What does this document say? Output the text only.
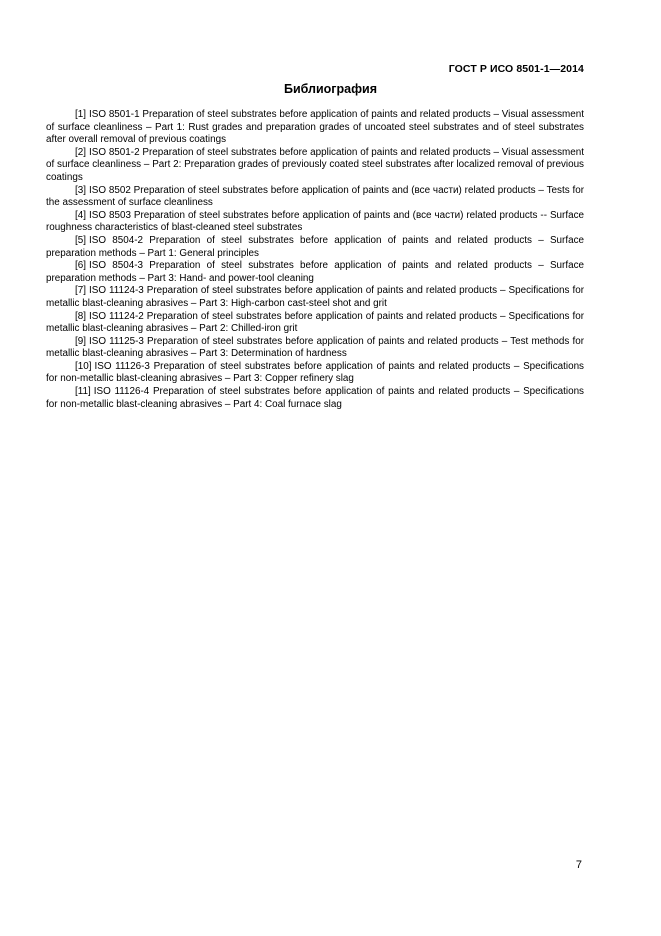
ГОСТ Р ИСО 8501-1—2014
Библиография

[1] ISO 8501-1 Preparation of steel substrates before application of paints and related products – Visual assessment of surface cleanliness – Part 1: Rust grades and preparation grades of uncoated steel substrates and of steel substrates after overall removal of previous coatings

[2] ISO 8501-2 Preparation of steel substrates before application of paints and related products – Visual assessment of surface cleanliness – Part 2: Preparation grades of previously coated steel substrates after localized removal of previous coatings

[3] ISO 8502 Preparation of steel substrates before application of paints and (все части) related products – Tests for the assessment of surface cleanliness

[4] ISO 8503 Preparation of steel substrates before application of paints and (все части) related products -- Surface roughness characteristics of blast-cleaned steel substrates

[5] ISO 8504-2 Preparation of steel substrates before application of paints and related products – Surface preparation methods – Part 1: General principles

[6] ISO 8504-3 Preparation of steel substrates before application of paints and related products – Surface preparation methods – Part 3: Hand- and power-tool cleaning

[7] ISO 11124-3 Preparation of steel substrates before application of paints and related products – Specifications for metallic blast-cleaning abrasives – Part 3: High-carbon cast-steel shot and grit

[8] ISO 11124-2 Preparation of steel substrates before application of paints and related products – Specifications for metallic blast-cleaning abrasives – Part 2: Chilled-iron grit

[9] ISO 11125-3 Preparation of steel substrates before application of paints and related products – Test methods for metallic blast-cleaning abrasives – Part 3: Determination of hardness

[10] ISO 11126-3 Preparation of steel substrates before application of paints and related products – Specifications for non-metallic blast-cleaning abrasives – Part 3: Copper refinery slag

[11] ISO 11126-4 Preparation of steel substrates before application of paints and related products – Specifications for non-metallic blast-cleaning abrasives – Part 4: Coal furnace slag

7
